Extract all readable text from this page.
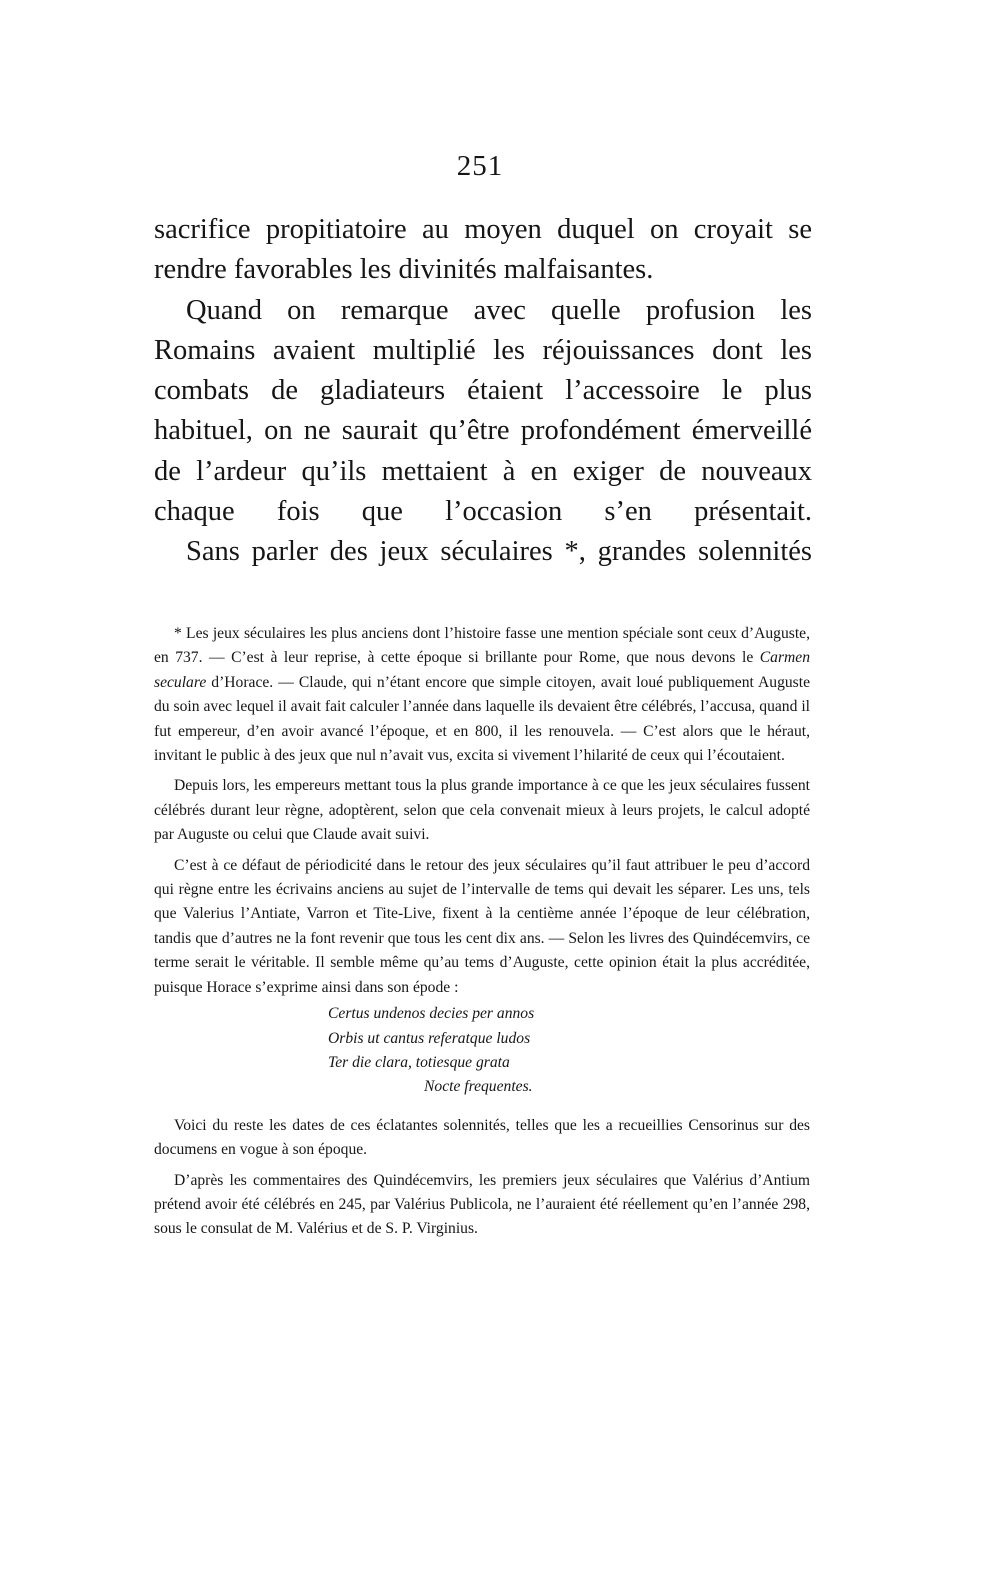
251

sacrifice propitiatoire au moyen duquel on croyait se rendre favorables les divinités malfaisantes.

Quand on remarque avec quelle profusion les Romains avaient multiplié les réjouissances dont les combats de gladiateurs étaient l’accessoire le plus habituel, on ne saurait qu’être profondément émerveillé de l’ardeur qu’ils mettaient à en exiger de nouveaux chaque fois que l’occasion s’en présentait.

Sans parler des jeux séculaires *, grandes solennités

* Les jeux séculaires les plus anciens dont l’histoire fasse une mention spéciale sont ceux d’Auguste, en 737. — C’est à leur reprise, à cette époque si brillante pour Rome, que nous devons le Carmen seculare d’Horace. — Claude, qui n’étant encore que simple citoyen, avait loué publiquement Auguste du soin avec lequel il avait fait calculer l’année dans laquelle ils devaient être célébrés, l’accusa, quand il fut empereur, d’en avoir avancé l’époque, et en 800, il les renouvela. — C’est alors que le héraut, invitant le public à des jeux que nul n’avait vus, excita si vivement l’hilarité de ceux qui l’écoutaient.

Depuis lors, les empereurs mettant tous la plus grande importance à ce que les jeux séculaires fussent célébrés durant leur règne, adoptèrent, selon que cela convenait mieux à leurs projets, le calcul adopté par Auguste ou celui que Claude avait suivi.

C’est à ce défaut de périodicité dans le retour des jeux séculaires qu’il faut attribuer le peu d’accord qui règne entre les écrivains anciens au sujet de l’intervalle de tems qui devait les séparer. Les uns, tels que Valerius l’Antiate, Varron et Tite-Live, fixent à la centième année l’époque de leur célébration, tandis que d’autres ne la font revenir que tous les cent dix ans. — Selon les livres des Quindécemvirs, ce terme serait le véritable. Il semble même qu’au tems d’Auguste, cette opinion était la plus accréditée, puisque Horace s’exprime ainsi dans son épode :

Certus undenos decies per annos
Orbis ut cantus referatque ludos
Ter die clara, totiesque grata
Nocte frequentes.

Voici du reste les dates de ces éclatantes solennités, telles que les a recueillies Censorinus sur des documens en vogue à son époque.

D’après les commentaires des Quindécemvirs, les premiers jeux séculaires que Valérius d’Antium prétend avoir été célébrés en 245, par Valérius Publicola, ne l’auraient été réellement qu’en l’année 298, sous le consulat de M. Valérius et de S. P. Virginius.
